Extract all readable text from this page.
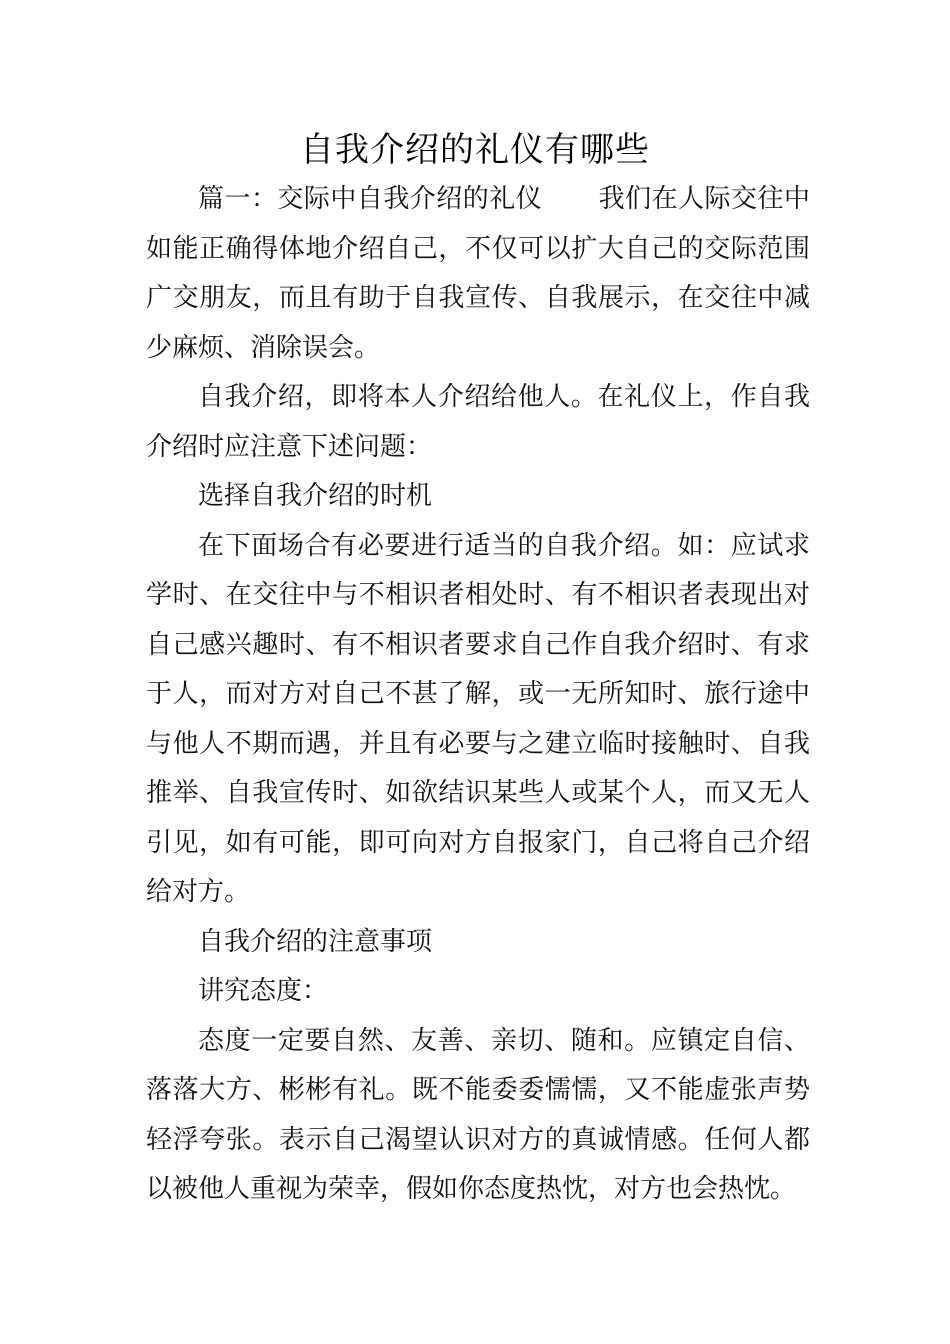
自我介绍的礼仪有哪些

篇一：交际中自我介绍的礼仪 我们在人际交往中如能正确得体地介绍自己，不仅可以扩大自己的交际范围广交朋友，而且有助于自我宣传、自我展示，在交往中减少麻烦、消除误会。

自我介绍，即将本人介绍给他人。在礼仪上，作自我介绍时应注意下述问题：

选择自我介绍的时机

在下面场合有必要进行适当的自我介绍。如：应试求学时、在交往中与不相识者相处时、有不相识者表现出对自己感兴趣时、有不相识者要求自己作自我介绍时、有求于人，而对方对自己不甚了解，或一无所知时、旅行途中与他人不期而遇，并且有必要与之建立临时接触时、自我推举、自我宣传时、如欲结识某些人或某个人，而又无人引见，如有可能，即可向对方自报家门，自己将自己介绍给对方。

自我介绍的注意事项

讲究态度：

态度一定要自然、友善、亲切、随和。应镇定自信、落落大方、彬彬有礼。既不能委委懦懦，又不能虚张声势轻浮夸张。表示自己渴望认识对方的真诚情感。任何人都以被他人重视为荣幸，假如你态度热忱，对方也会热忱。
